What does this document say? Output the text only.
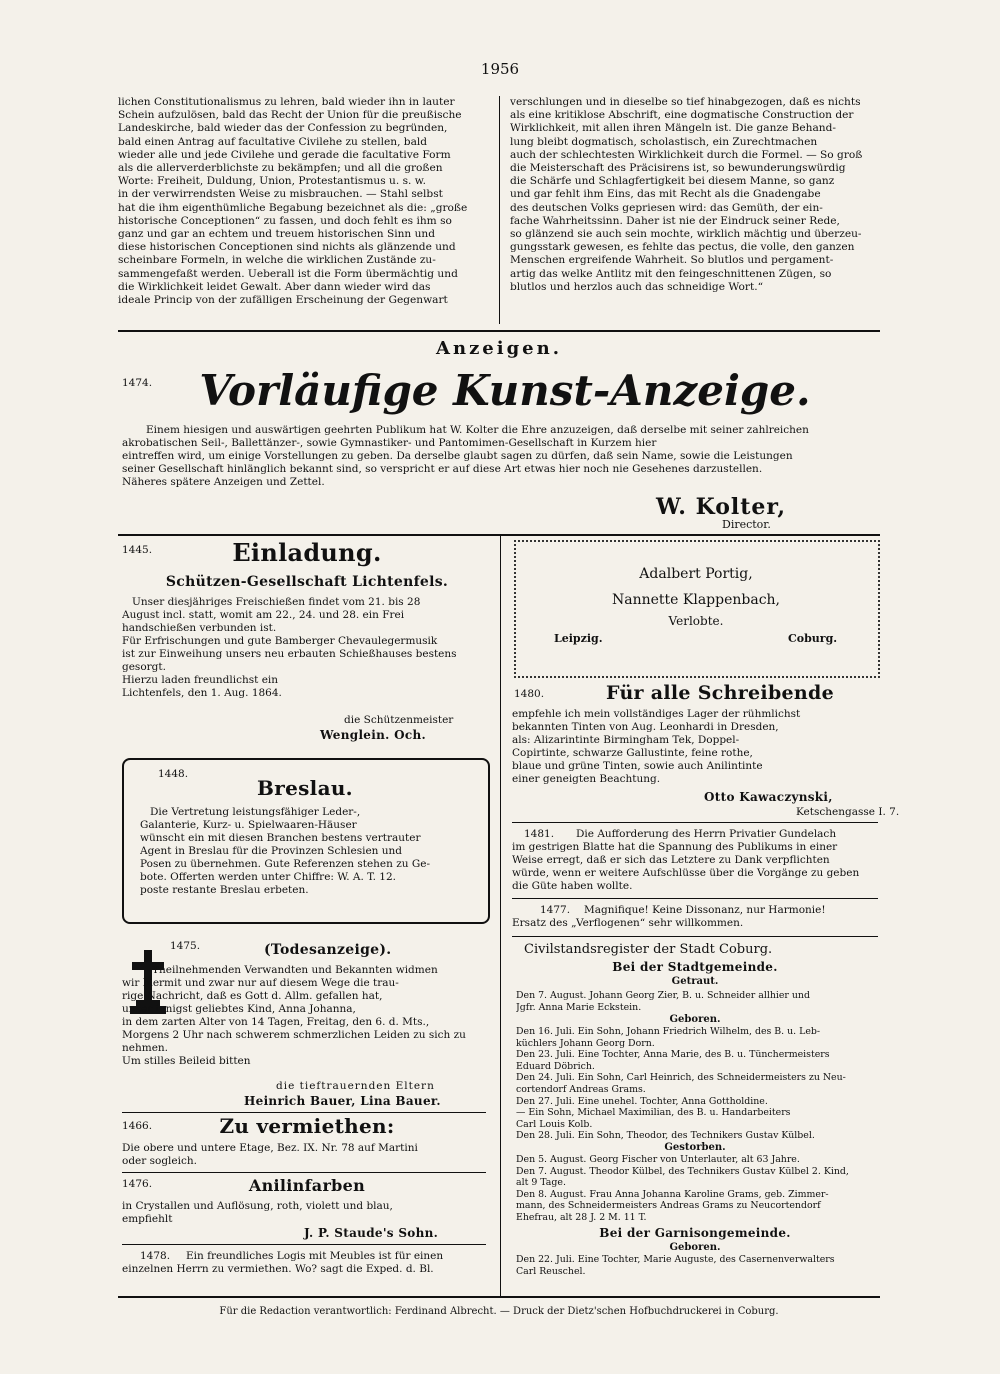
1956
lichen Constitutionalismus zu lehren, bald wieder ihn in lauter
Schein aufzulösen, bald das Recht der Union für die preußische
Landeskirche, bald wieder das der Confession zu begründen,
bald einen Antrag auf facultative Civilehe zu stellen, bald
wieder alle und jede Civilehe und gerade die facultative Form
als die allerverderblichste zu bekämpfen; und all die großen
Worte: Freiheit, Duldung, Union, Protestantismus u. s. w.
in der verwirrendsten Weise zu misbrauchen. — Stahl selbst
hat die ihm eigenthümliche Begabung bezeichnet als die: „große
historische Conceptionen“ zu fassen, und doch fehlt es ihm so
ganz und gar an echtem und treuem historischen Sinn und
diese historischen Conceptionen sind nichts als glänzende und
scheinbare Formeln, in welche die wirklichen Zustände zu-
sammengefaßt werden. Ueberall ist die Form übermächtig und
die Wirklichkeit leidet Gewalt. Aber dann wieder wird das
ideale Princip von der zufälligen Erscheinung der Gegenwart
verschlungen und in dieselbe so tief hinabgezogen, daß es nichts
als eine kritiklose Abschrift, eine dogmatische Construction der
Wirklichkeit, mit allen ihren Mängeln ist. Die ganze Behand-
lung bleibt dogmatisch, scholastisch, ein Zurechtmachen
auch der schlechtesten Wirklichkeit durch die Formel. — So groß
die Meisterschaft des Präcisirens ist, so bewunderungswürdig
die Schärfe und Schlagfertigkeit bei diesem Manne, so ganz
und gar fehlt ihm Eins, das mit Recht als die Gnadengabe
des deutschen Volks gepriesen wird: das Gemüth, der ein-
fache Wahrheitssinn. Daher ist nie der Eindruck seiner Rede,
so glänzend sie auch sein mochte, wirklich mächtig und überzeu-
gungsstark gewesen, es fehlte das pectus, die volle, den ganzen
Menschen ergreifende Wahrheit. So blutlos und pergament-
artig das welke Antlitz mit den feingeschnittenen Zügen, so
blutlos und herzlos auch das schneidige Wort.“
Anzeigen.
1474.	Vorläufige Kunst-Anzeige.
Einem hiesigen und auswärtigen geehrten Publikum hat W. Kolter die Ehre anzuzeigen, daß derselbe mit seiner zahlreichen
akrobatischen Seil-, Ballettänzer-, sowie Gymnastiker- und Pantomimen-Gesellschaft in Kurzem hier
eintreffen wird, um einige Vorstellungen zu geben. Da derselbe glaubt sagen zu dürfen, daß sein Name, sowie die Leistungen
seiner Gesellschaft hinlänglich bekannt sind, so verspricht er auf diese Art etwas hier noch nie Gesehenes darzustellen.
Näheres spätere Anzeigen und Zettel.
W. Kolter,
Director.
1445.	Einladung.
Schützen-Gesellschaft Lichtenfels.
Unser diesjähriges Freischießen findet vom 21. bis 28
August incl. statt, womit am 22., 24. und 28. ein Frei
handschießen verbunden ist.
Für Erfrischungen und gute Bamberger Chevaulegermusik
ist zur Einweihung unsers neu erbauten Schießhauses bestens
gesorgt.
Hierzu laden freundlichst ein
Lichtenfels, den 1. Aug. 1864.
die Schützenmeister
Wenglein. Och.
1448.
Breslau.
Die Vertretung leistungsfähiger Leder-,
Galanterie, Kurz- u. Spielwaaren-Häuser
wünscht ein mit diesen Branchen bestens vertrauter
Agent in Breslau für die Provinzen Schlesien und
Posen zu übernehmen. Gute Referenzen stehen zu Ge-
bote. Offerten werden unter Chiffre: W. A. T. 12.
poste restante Breslau erbeten.
1475.	(Todesanzeige).
Theilnehmenden Verwandten und Bekannten widmen
wir hiermit und zwar nur auf diesem Wege die trau-
rige Nachricht, daß es Gott d. Allm. gefallen hat,
unser innigst geliebtes Kind, Anna Johanna,
in dem zarten Alter von 14 Tagen, Freitag, den 6. d. Mts.,
Morgens 2 Uhr nach schwerem schmerzlichen Leiden zu sich zu
nehmen.
Um stilles Beileid bitten
die tieftrauernden Eltern
Heinrich Bauer, Lina Bauer.
1466.	Zu vermiethen:
Die obere und untere Etage, Bez. IX. Nr. 78 auf Martini
oder sogleich.
1476.	Anilinfarben
in Crystallen und Auflösung, roth, violett und blau,
empfiehlt
J. P. Staude's Sohn.
1478.	Ein freundliches Logis mit Meubles ist für einen
einzelnen Herrn zu vermiethen. Wo? sagt die Exped. d. Bl.
Adalbert Portig,
Nannette Klappenbach,
Verlobte.
Leipzig.	Coburg.
1480.	Für alle Schreibende
empfehle ich mein vollständiges Lager der rühmlichst
bekannten Tinten von Aug. Leonhardi in Dresden,
als: Alizarintinte Birmingham Tek, Doppel-
Copirtinte, schwarze Gallustinte, feine rothe,
blaue und grüne Tinten, sowie auch Anilintinte
einer geneigten Beachtung.
Otto Kawaczynski,
Ketschengasse I. 7.
1481.	Die Aufforderung des Herrn Privatier Gundelach
im gestrigen Blatte hat die Spannung des Publikums in einer
Weise erregt, daß er sich das Letztere zu Dank verpflichten
würde, wenn er weitere Aufschlüsse über die Vorgänge zu geben
die Güte haben wollte.
1477.	Magnifique! Keine Dissonanz, nur Harmonie!
Ersatz des „Verflogenen“ sehr willkommen.
Civilstandsregister der Stadt Coburg.
Bei der Stadtgemeinde.
Getraut.
Den 7. August. Johann Georg Zier, B. u. Schneider allhier und
Jgfr. Anna Marie Eckstein.
Geboren.
Den 16. Juli. Ein Sohn, Johann Friedrich Wilhelm, des B. u. Leb-
küchlers Johann Georg Dorn.
Den 23. Juli. Eine Tochter, Anna Marie, des B. u. Tünchermeisters
Eduard Döbrich.
Den 24. Juli. Ein Sohn, Carl Heinrich, des Schneidermeisters zu Neu-
cortendorf Andreas Grams.
Den 27. Juli. Eine unehel. Tochter, Anna Gottholdine.
— Ein Sohn, Michael Maximilian, des B. u. Handarbeiters
Carl Louis Kolb.
Den 28. Juli. Ein Sohn, Theodor, des Technikers Gustav Külbel.
Gestorben.
Den 5. August. Georg Fischer von Unterlauter, alt 63 Jahre.
Den 7. August. Theodor Külbel, des Technikers Gustav Külbel 2. Kind,
alt 9 Tage.
Den 8. August. Frau Anna Johanna Karoline Grams, geb. Zimmer-
mann, des Schneidermeisters Andreas Grams zu Neucortendorf
Ehefrau, alt 28 J. 2 M. 11 T.
Bei der Garnisongemeinde.
Geboren.
Den 22. Juli. Eine Tochter, Marie Auguste, des Casernenverwalters
Carl Reuschel.
Für die Redaction verantwortlich: Ferdinand Albrecht. — Druck der Dietz'schen Hofbuchdruckerei in Coburg.
